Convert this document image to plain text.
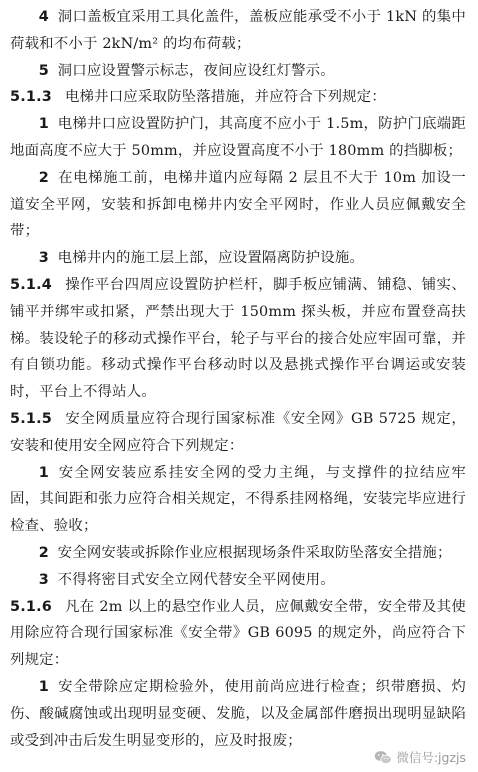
4 洞口盖板宜采用工具化盖件，盖板应能承受不小于 1kN 的集中荷载和不小于 2kN/m² 的均布荷载；

5 洞口应设置警示标志，夜间应设红灯警示。

5.1.3 电梯井口应采取防坠落措施，并应符合下列规定：

1 电梯井口应设置防护门，其高度不应小于 1.5m，防护门底端距地面高度不应大于 50mm，并应设置高度不小于 180mm 的挡脚板；

2 在电梯施工前，电梯井道内应每隔 2 层且不大于 10m 加设一道安全平网，安装和拆卸电梯井内安全平网时，作业人员应佩戴安全带；

3 电梯井内的施工层上部，应设置隔离防护设施。

5.1.4 操作平台四周应设置防护栏杆，脚手板应铺满、铺稳、铺实、铺平并绑牢或扣紧，严禁出现大于 150mm 探头板，并应布置登高扶梯。装设轮子的移动式操作平台，轮子与平台的接合处应牢固可靠，并有自锁功能。移动式操作平台移动时以及悬挑式操作平台调运或安装时，平台上不得站人。

5.1.5 安全网质量应符合现行国家标准《安全网》GB 5725 规定，安装和使用安全网应符合下列规定：

1 安全网安装应系挂安全网的受力主绳，与支撑件的拉结应牢固，其间距和张力应符合相关规定，不得系挂网格绳，安装完毕应进行检查、验收；

2 安全网安装或拆除作业应根据现场条件采取防坠落安全措施；

3 不得将密目式安全立网代替安全平网使用。

5.1.6 凡在 2m 以上的悬空作业人员，应佩戴安全带，安全带及其使用除应符合现行国家标准《安全带》GB 6095 的规定外，尚应符合下列规定：

1 安全带除应定期检验外，使用前尚应进行检查；织带磨损、灼伤、酸碱腐蚀或出现明显变硬、发脆，以及金属部件磨损出现明显缺陷或受到冲击后发生明显变形的，应及时报废；

微信号:jgzjs
